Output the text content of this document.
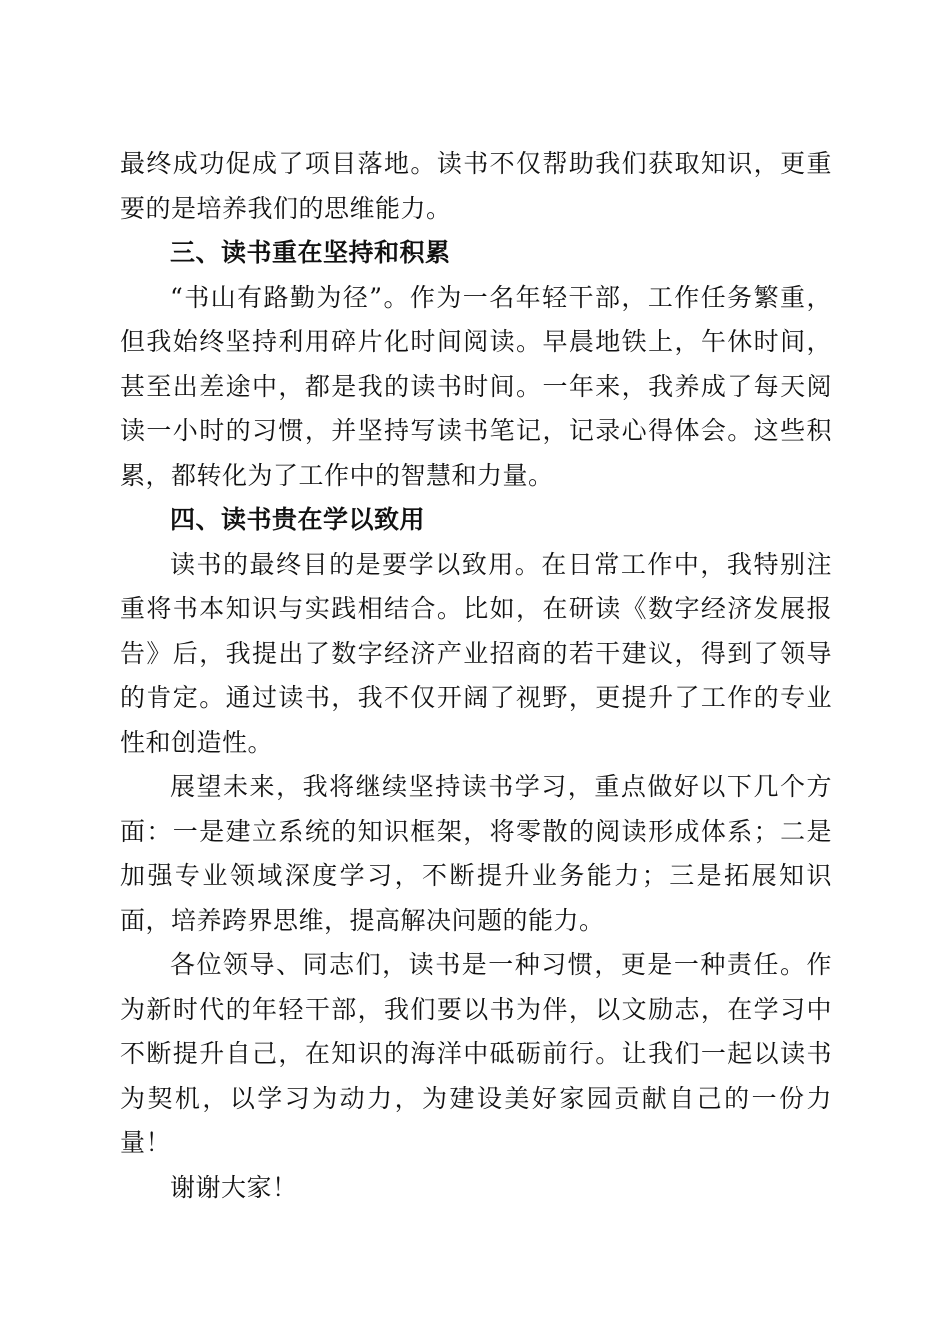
最终成功促成了项目落地。读书不仅帮助我们获取知识，更重要的是培养我们的思维能力。

三、读书重在坚持和积累

“书山有路勤为径”。作为一名年轻干部，工作任务繁重，但我始终坚持利用碎片化时间阅读。早晨地铁上，午休时间，甚至出差途中，都是我的读书时间。一年来，我养成了每天阅读一小时的习惯，并坚持写读书笔记，记录心得体会。这些积累，都转化为了工作中的智慧和力量。

四、读书贵在学以致用

读书的最终目的是要学以致用。在日常工作中，我特别注重将书本知识与实践相结合。比如，在研读《数字经济发展报告》后，我提出了数字经济产业招商的若干建议，得到了领导的肯定。通过读书，我不仅开阔了视野，更提升了工作的专业性和创造性。

展望未来，我将继续坚持读书学习，重点做好以下几个方面：一是建立系统的知识框架，将零散的阅读形成体系；二是加强专业领域深度学习，不断提升业务能力；三是拓展知识面，培养跨界思维，提高解决问题的能力。

各位领导、同志们，读书是一种习惯，更是一种责任。作为新时代的年轻干部，我们要以书为伴，以文励志，在学习中不断提升自己，在知识的海洋中砥砺前行。让我们一起以读书为契机，以学习为动力，为建设美好家园贡献自己的一份力量！

谢谢大家！
